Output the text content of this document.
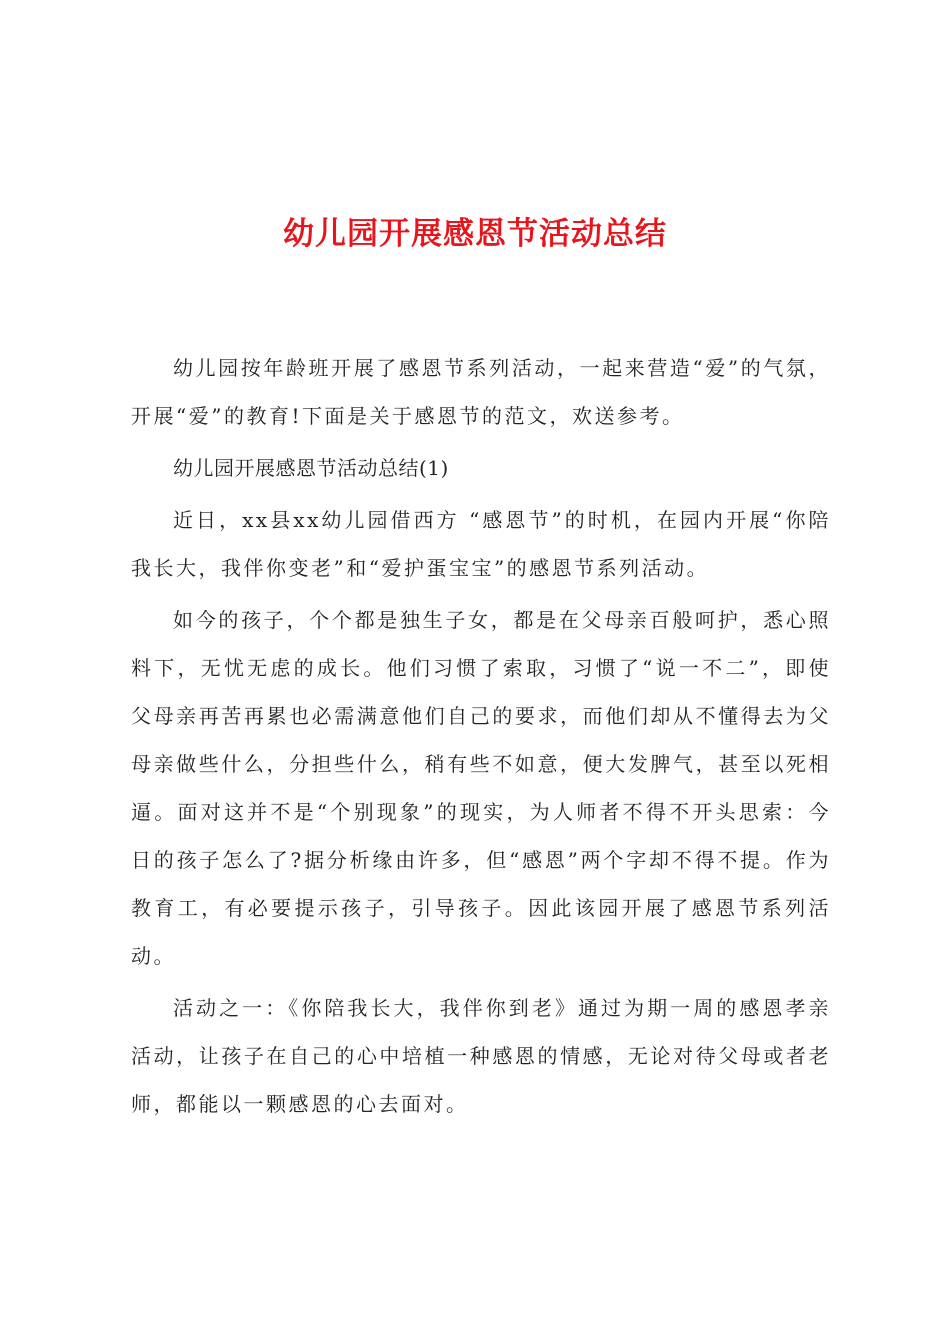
幼儿园开展感恩节活动总结

幼儿园按年龄班开展了感恩节系列活动，一起来营造“爱”的气氛，开展“爱”的教育!下面是关于感恩节的范文，欢送参考。

幼儿园开展感恩节活动总结(1)

近日，xx县xx幼儿园借西方 “感恩节”的时机，在园内开展“你陪我长大，我伴你变老”和“爱护蛋宝宝”的感恩节系列活动。

如今的孩子，个个都是独生子女，都是在父母亲百般呵护，悉心照料下，无忧无虑的成长。他们习惯了索取，习惯了“说一不二”，即使父母亲再苦再累也必需满意他们自己的要求，而他们却从不懂得去为父母亲做些什么，分担些什么，稍有些不如意，便大发脾气，甚至以死相逼。面对这并不是“个别现象”的现实，为人师者不得不开头思索：今日的孩子怎么了?据分析缘由许多，但“感恩”两个字却不得不提。作为教育工，有必要提示孩子，引导孩子。因此该园开展了感恩节系列活动。

活动之一：《你陪我长大，我伴你到老》通过为期一周的感恩孝亲活动，让孩子在自己的心中培植一种感恩的情感，无论对待父母或者老师，都能以一颗感恩的心去面对。
